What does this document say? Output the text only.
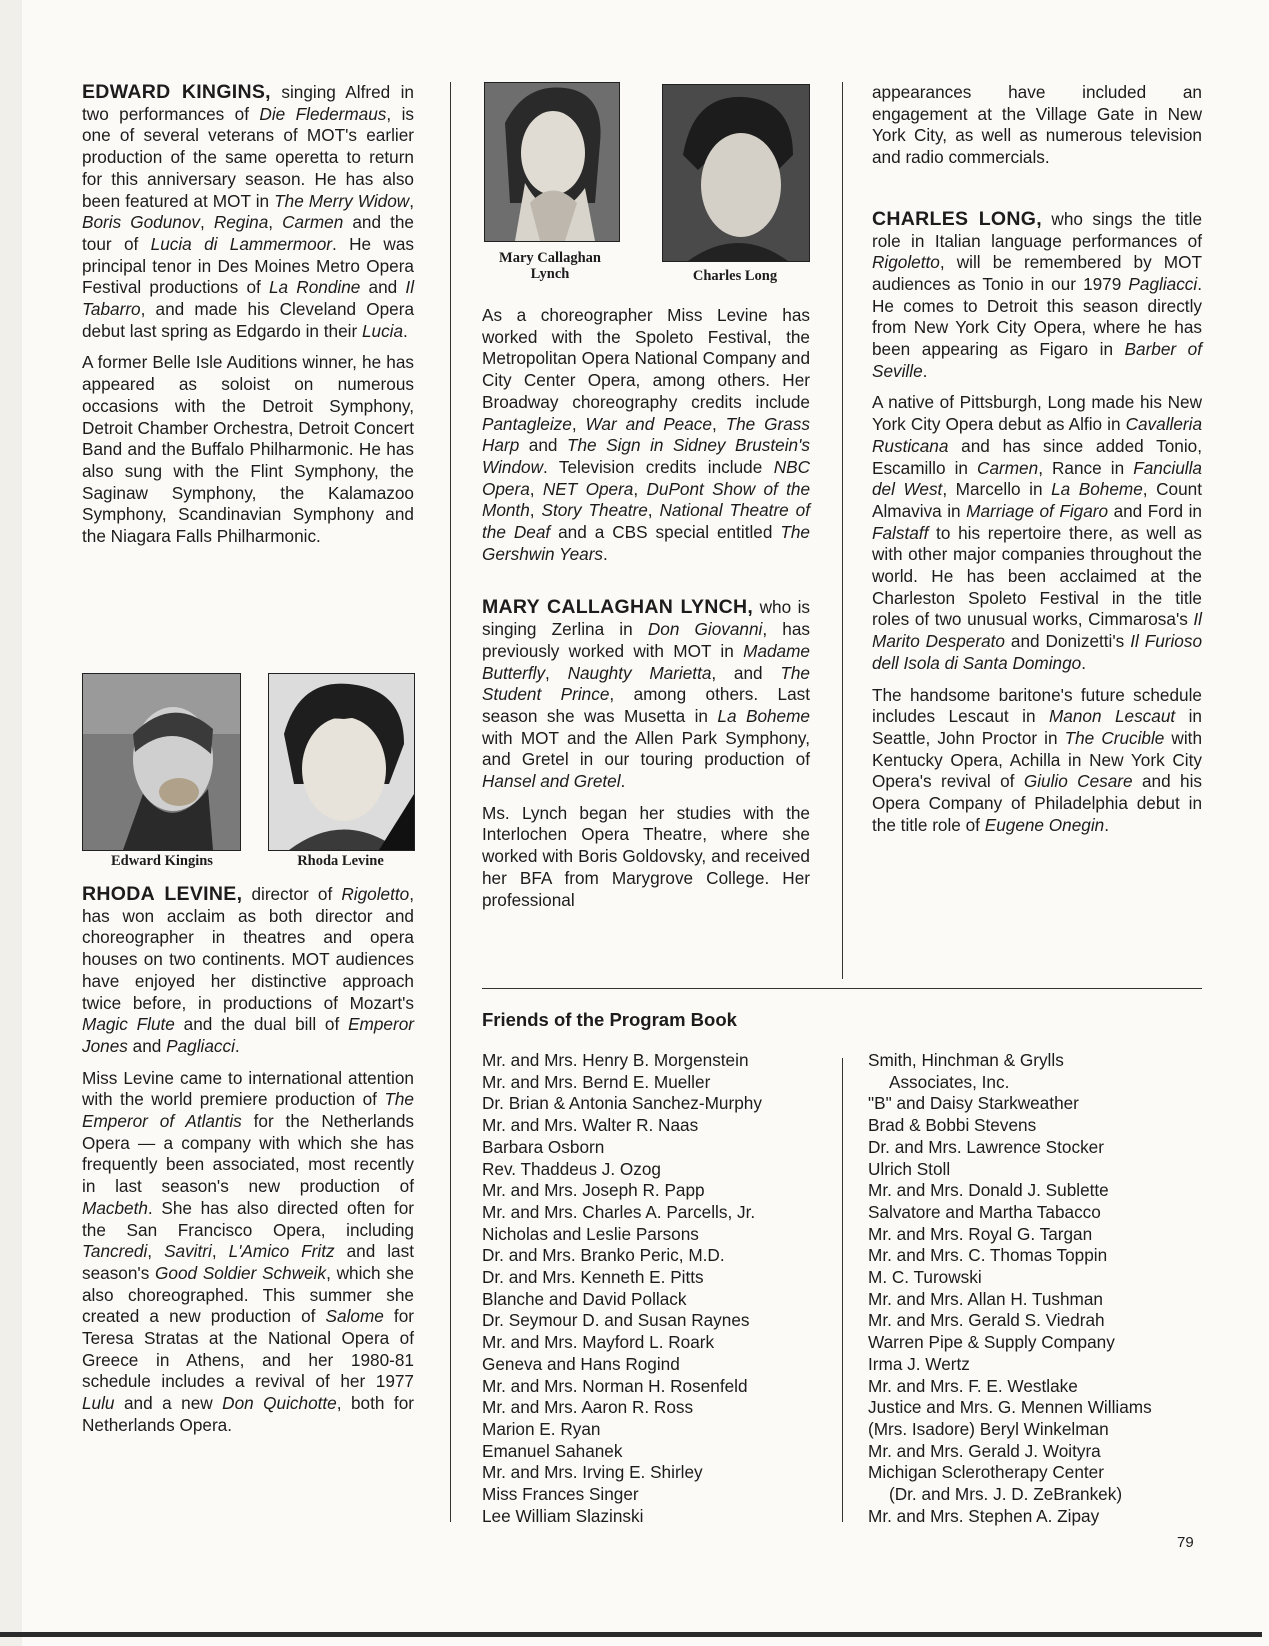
EDWARD KINGINS, singing Alfred in two performances of Die Fledermaus, is one of several veterans of MOT's earlier production of the same operetta to return for this anniversary season. He has also been featured at MOT in The Merry Widow, Boris Godunov, Regina, Carmen and the tour of Lucia di Lammermoor. He was principal tenor in Des Moines Metro Opera Festival productions of La Rondine and Il Tabarro, and made his Cleveland Opera debut last spring as Edgardo in their Lucia.

A former Belle Isle Auditions winner, he has appeared as soloist on numerous occasions with the Detroit Symphony, Detroit Chamber Orchestra, Detroit Concert Band and the Buffalo Philharmonic. He has also sung with the Flint Symphony, the Saginaw Symphony, the Kalamazoo Symphony, Scandinavian Symphony and the Niagara Falls Philharmonic.

Edward Kingins	Rhoda Levine

RHODA LEVINE, director of Rigoletto, has won acclaim as both director and choreographer in theatres and opera houses on two continents. MOT audiences have enjoyed her distinctive approach twice before, in productions of Mozart's Magic Flute and the dual bill of Emperor Jones and Pagliacci.

Miss Levine came to international attention with the world premiere production of The Emperor of Atlantis for the Netherlands Opera — a company with which she has frequently been associated, most recently in last season's new production of Macbeth. She has also directed often for the San Francisco Opera, including Tancredi, Savitri, L'Amico Fritz and last season's Good Soldier Schweik, which she also choreographed. This summer she created a new production of Salome for Teresa Stratas at the National Opera of Greece in Athens, and her 1980-81 schedule includes a revival of her 1977 Lulu and a new Don Quichotte, both for Netherlands Opera.

Mary Callaghan Lynch	Charles Long

As a choreographer Miss Levine has worked with the Spoleto Festival, the Metropolitan Opera National Company and City Center Opera, among others. Her Broadway choreography credits include Pantagleize, War and Peace, The Grass Harp and The Sign in Sidney Brustein's Window. Television credits include NBC Opera, NET Opera, DuPont Show of the Month, Story Theatre, National Theatre of the Deaf and a CBS special entitled The Gershwin Years.

MARY CALLAGHAN LYNCH, who is singing Zerlina in Don Giovanni, has previously worked with MOT in Madame Butterfly, Naughty Marietta, and The Student Prince, among others. Last season she was Musetta in La Boheme with MOT and the Allen Park Symphony, and Gretel in our touring production of Hansel and Gretel.

Ms. Lynch began her studies with the Interlochen Opera Theatre, where she worked with Boris Goldovsky, and received her BFA from Marygrove College. Her professional

appearances have included an engagement at the Village Gate in New York City, as well as numerous television and radio commercials.

CHARLES LONG, who sings the title role in Italian language performances of Rigoletto, will be remembered by MOT audiences as Tonio in our 1979 Pagliacci. He comes to Detroit this season directly from New York City Opera, where he has been appearing as Figaro in Barber of Seville.

A native of Pittsburgh, Long made his New York City Opera debut as Alfio in Cavalleria Rusticana and has since added Tonio, Escamillo in Carmen, Rance in Fanciulla del West, Marcello in La Boheme, Count Almaviva in Marriage of Figaro and Ford in Falstaff to his repertoire there, as well as with other major companies throughout the world. He has been acclaimed at the Charleston Spoleto Festival in the title roles of two unusual works, Cimmarosa's Il Marito Desperato and Donizetti's Il Furioso dell Isola di Santa Domingo.

The handsome baritone's future schedule includes Lescaut in Manon Lescaut in Seattle, John Proctor in The Crucible with Kentucky Opera, Achilla in New York City Opera's revival of Giulio Cesare and his Opera Company of Philadelphia debut in the title role of Eugene Onegin.

Friends of the Program Book
Mr. and Mrs. Henry B. Morgenstein
Mr. and Mrs. Bernd E. Mueller
Dr. Brian & Antonia Sanchez-Murphy
Mr. and Mrs. Walter R. Naas
Barbara Osborn
Rev. Thaddeus J. Ozog
Mr. and Mrs. Joseph R. Papp
Mr. and Mrs. Charles A. Parcells, Jr.
Nicholas and Leslie Parsons
Dr. and Mrs. Branko Peric, M.D.
Dr. and Mrs. Kenneth E. Pitts
Blanche and David Pollack
Dr. Seymour D. and Susan Raynes
Mr. and Mrs. Mayford L. Roark
Geneva and Hans Rogind
Mr. and Mrs. Norman H. Rosenfeld
Mr. and Mrs. Aaron R. Ross
Marion E. Ryan
Emanuel Sahanek
Mr. and Mrs. Irving E. Shirley
Miss Frances Singer
Lee William Slazinski
Smith, Hinchman & Grylls
Associates, Inc.
"B" and Daisy Starkweather
Brad & Bobbi Stevens
Dr. and Mrs. Lawrence Stocker
Ulrich Stoll
Mr. and Mrs. Donald J. Sublette
Salvatore and Martha Tabacco
Mr. and Mrs. Royal G. Targan
Mr. and Mrs. C. Thomas Toppin
M. C. Turowski
Mr. and Mrs. Allan H. Tushman
Mr. and Mrs. Gerald S. Viedrah
Warren Pipe & Supply Company
Irma J. Wertz
Mr. and Mrs. F. E. Westlake
Justice and Mrs. G. Mennen Williams
(Mrs. Isadore) Beryl Winkelman
Mr. and Mrs. Gerald J. Woityra
Michigan Sclerotherapy Center
(Dr. and Mrs. J. D. ZeBrankek)
Mr. and Mrs. Stephen A. Zipay
79
